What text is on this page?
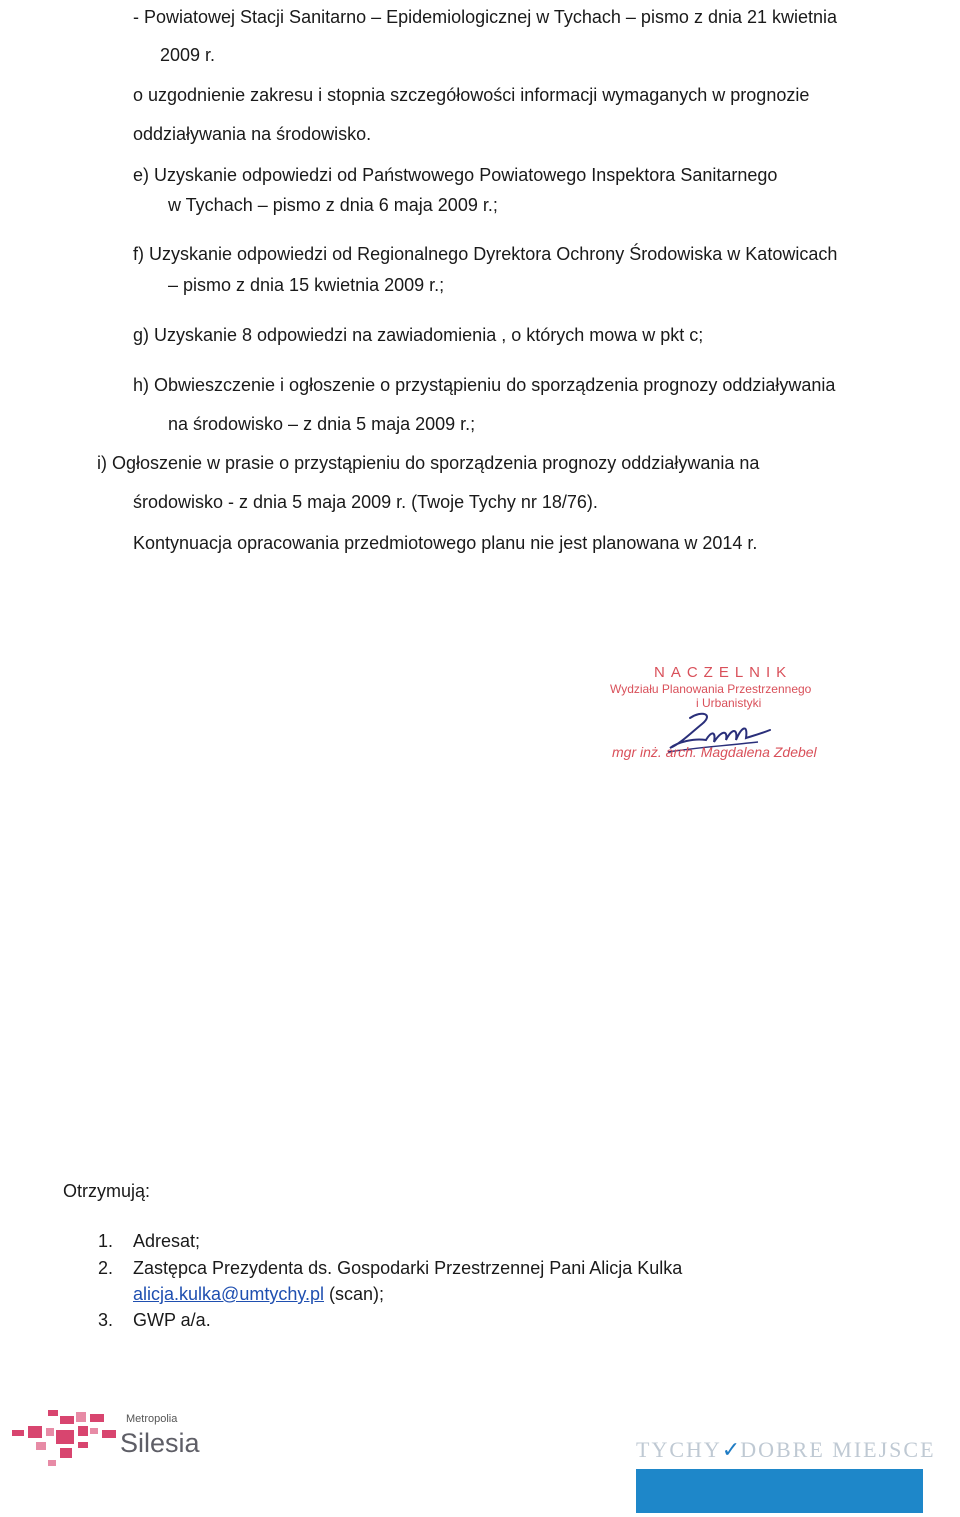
- Powiatowej Stacji Sanitarno – Epidemiologicznej w Tychach – pismo z dnia 21 kwietnia
2009 r.
o uzgodnienie zakresu i stopnia szczegółowości informacji wymaganych w prognozie
oddziaływania na środowisko.
e) Uzyskanie odpowiedzi od Państwowego Powiatowego Inspektora Sanitarnego
w Tychach – pismo z dnia 6 maja 2009 r.;
f) Uzyskanie odpowiedzi od Regionalnego Dyrektora Ochrony Środowiska w Katowicach
– pismo z dnia 15 kwietnia 2009 r.;
g) Uzyskanie 8 odpowiedzi na zawiadomienia , o których mowa w pkt c;
h) Obwieszczenie i ogłoszenie o przystąpieniu do sporządzenia prognozy oddziaływania
na środowisko – z dnia 5 maja 2009 r.;
i) Ogłoszenie w prasie o przystąpieniu do sporządzenia prognozy oddziaływania na
środowisko - z dnia 5 maja 2009 r. (Twoje Tychy nr 18/76).
Kontynuacja opracowania przedmiotowego planu nie jest planowana w 2014 r.
NACZELNIK
Wydziału Planowania Przestrzennego
i Urbanistyki
mgr inż. arch. Magdalena Zdebel
Otrzymują:
1. Adresat;
2. Zastępca Prezydenta ds. Gospodarki Przestrzennej Pani Alicja Kulka
alicja.kulka@umtychy.pl (scan);
3. GWP a/a.
Metropolia
Silesia	TYCHY✓DOBRE MIEJSCE
